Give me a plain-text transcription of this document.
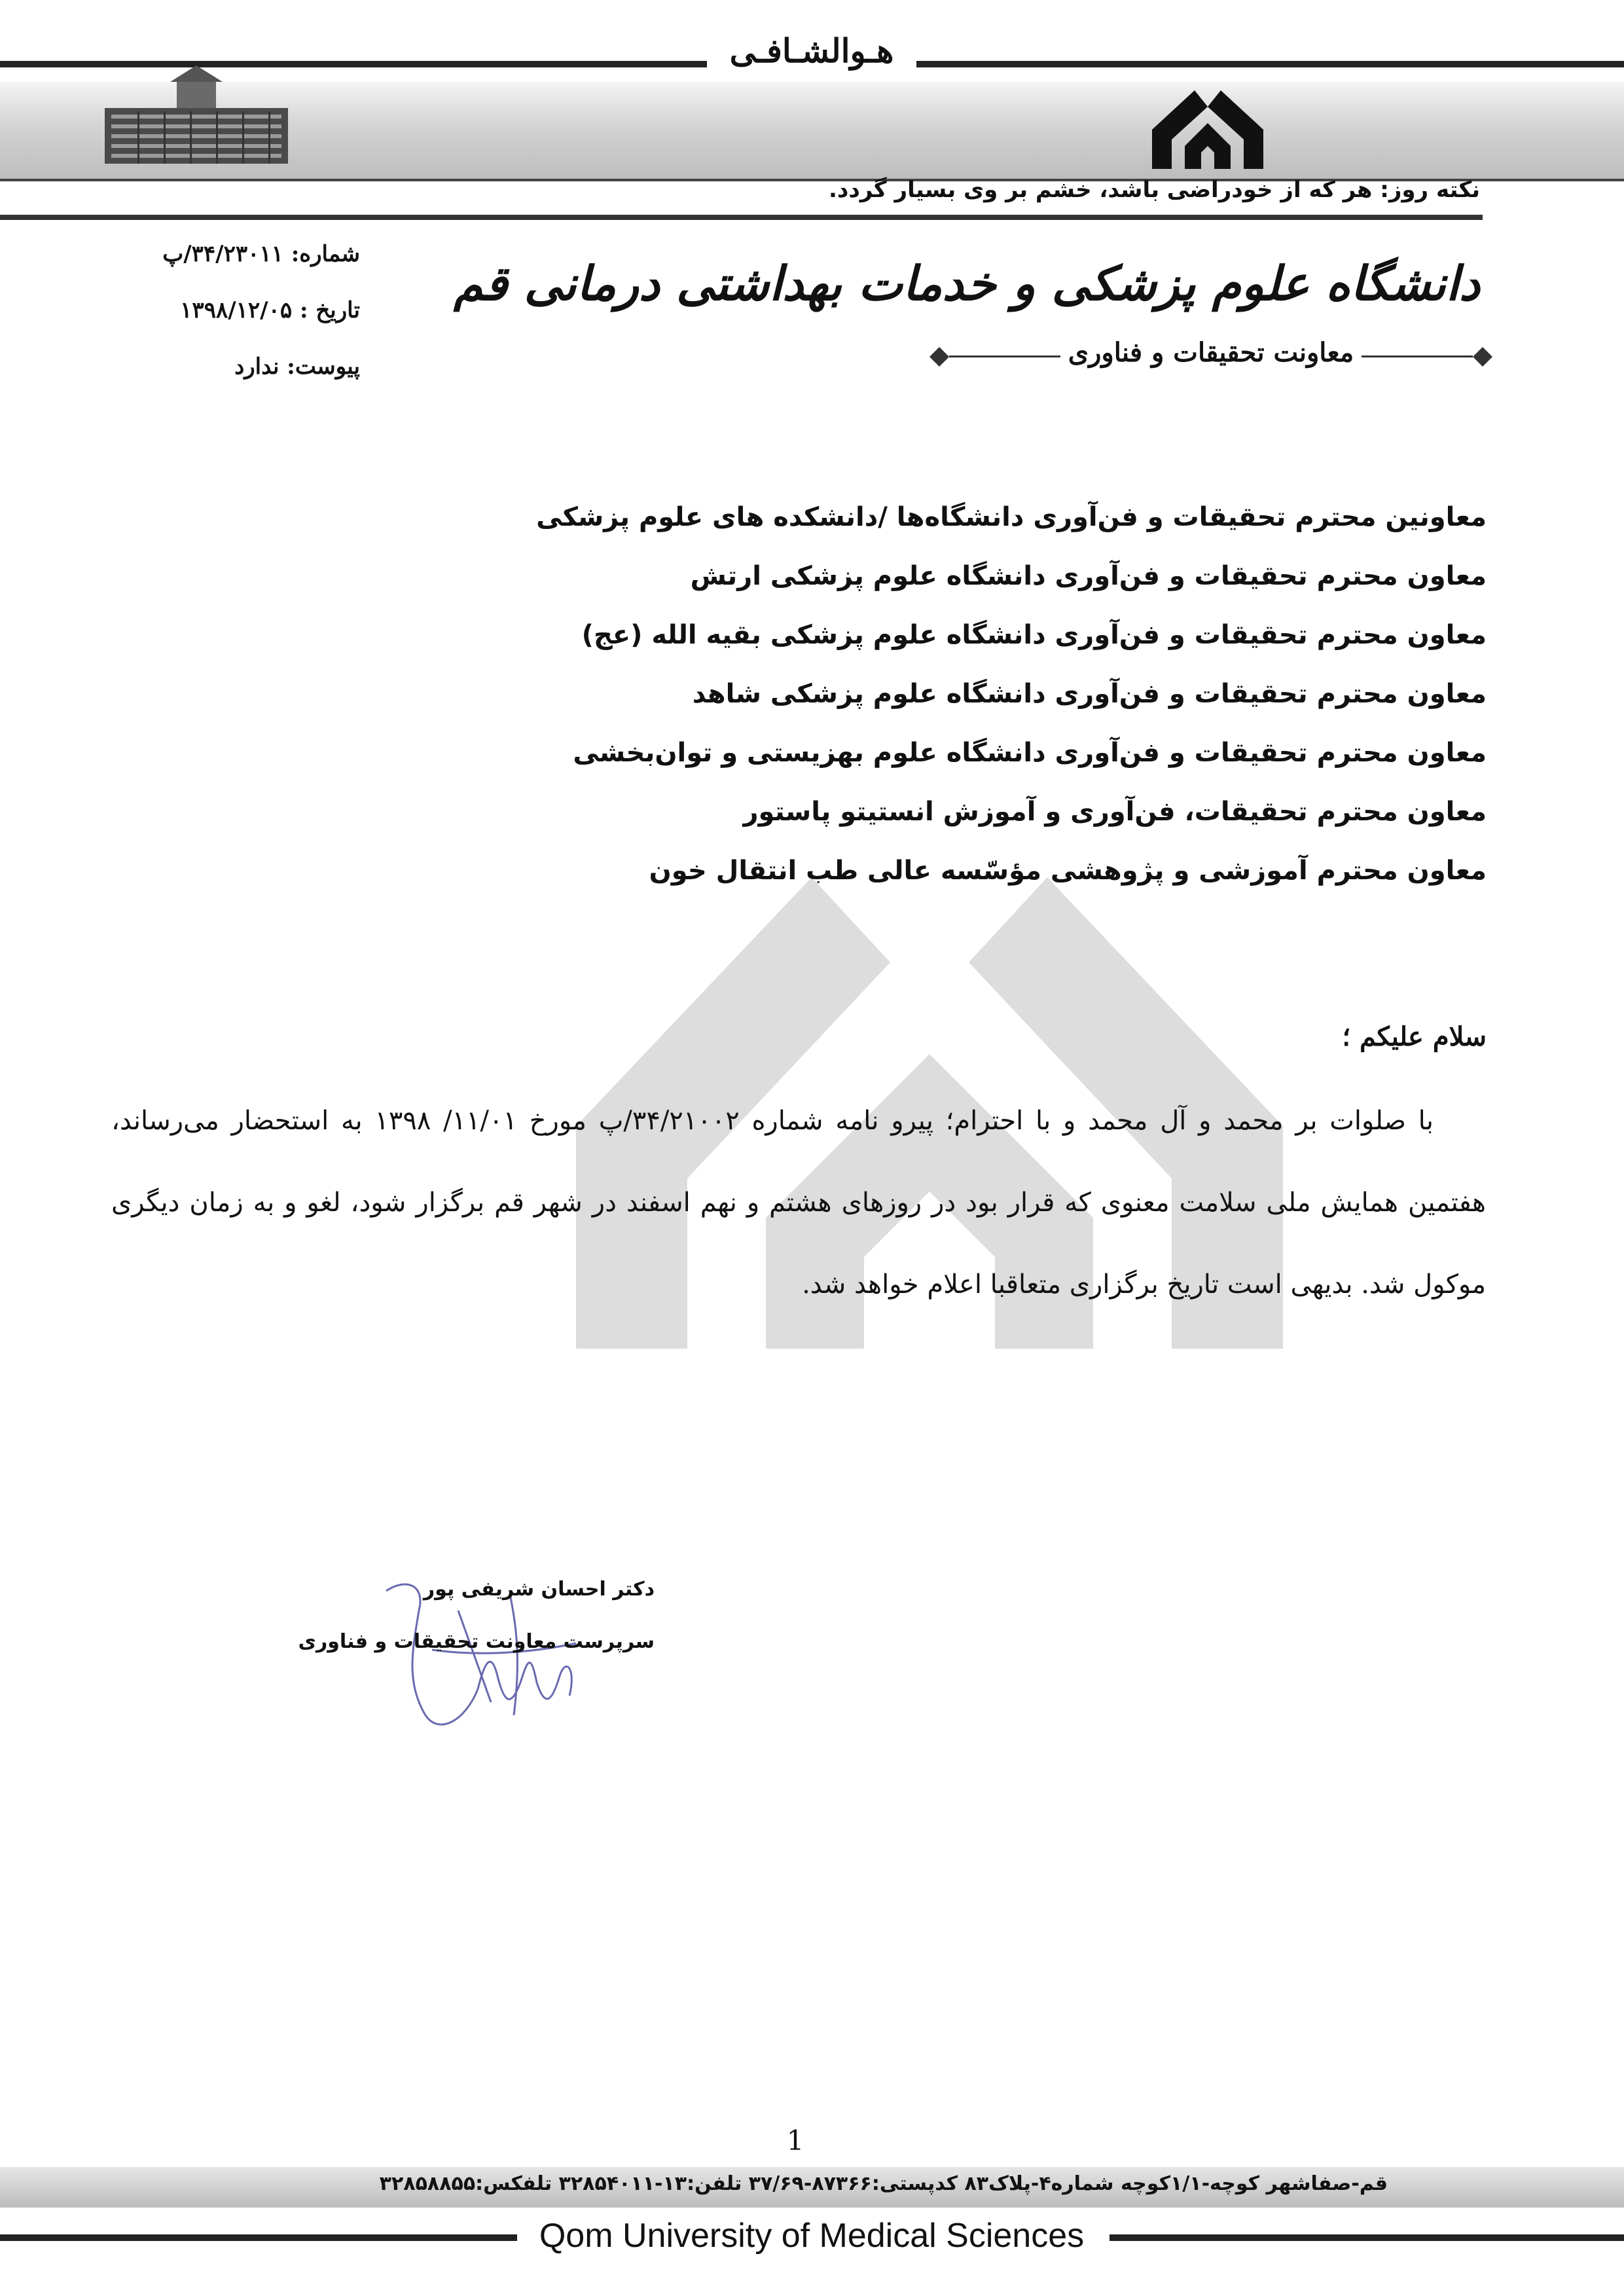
هـوالشـافـی
نکته روز: هر که از خودراضی باشد، خشم بر وی بسیار گردد.
شماره: ۳۴/۲۳۰۱۱/پ
تاریخ : ۱۳۹۸/۱۲/۰۵
پیوست: ندارد
دانشگاه علوم پزشکی و خدمات بهداشتی درمانی قم
معاونت تحقیقات و فناوری
معاونین محترم تحقیقات و فن‌آوری دانشگاه‌ها /دانشکده های علوم پزشکی
معاون محترم تحقیقات و فن‌آوری دانشگاه علوم پزشکی ارتش
معاون محترم تحقیقات و فن‌آوری دانشگاه علوم پزشکی بقیه الله (عج)
معاون محترم تحقیقات و فن‌آوری دانشگاه علوم پزشکی شاهد
معاون محترم تحقیقات و فن‌آوری دانشگاه علوم بهزیستی و توان‌بخشی
معاون محترم تحقیقات، فن‌آوری و آموزش انستیتو پاستور
معاون محترم آموزشی و پژوهشی مؤسّسه عالی طب انتقال خون
سلام علیکم ؛

با صلوات بر محمد و آل محمد و با احترام؛ پیرو نامه شماره ۳۴/۲۱۰۰۲/پ مورخ ۱۱/۰۱/ ۱۳۹۸ به استحضار می‌رساند، هفتمین همایش ملی سلامت معنوی که قرار بود در روزهای هشتم و نهم اسفند در شهر قم برگزار شود، لغو و به زمان دیگری موکول شد. بدیهی است تاریخ برگزاری متعاقبا اعلام خواهد شد.

دکتر احسان شریفی پور
سرپرست معاونت تحقیقات و فناوری
1
قم-صفاشهر کوچه-۱/۱کوچه شماره۴-پلاک۸۳ کدپستی:۸۷۳۶۶-۳۷/۶۹ تلفن:۱۳-۳۲۸۵۴۰۱۱ تلفکس:۳۲۸۵۸۸۵۵
Qom University of Medical Sciences
